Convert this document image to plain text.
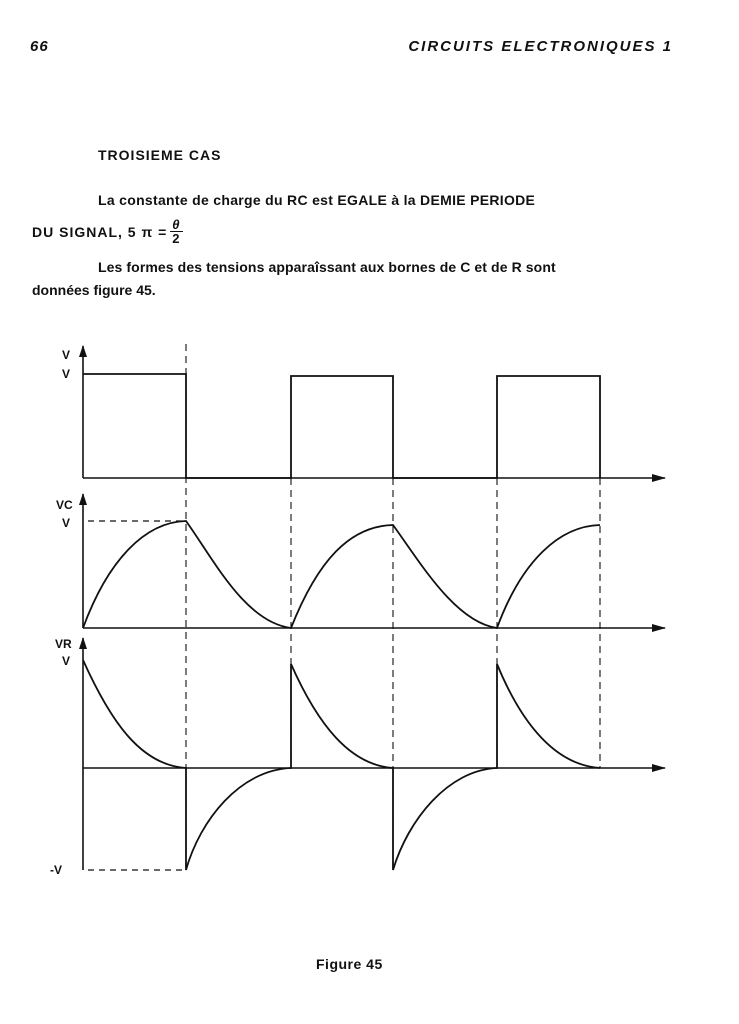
66	CIRCUITS ELECTRONIQUES 1
TROISIEME CAS
La constante de charge du RC est EGALE à la DEMIE PERIODE
DU SIGNAL, 5 $\pi = \frac{\theta}{2}$
Les formes des tensions apparaîssant aux bornes de C et de R sont
données figure 45.
V
V
VC
V
VR
V
-V
Figure 45
